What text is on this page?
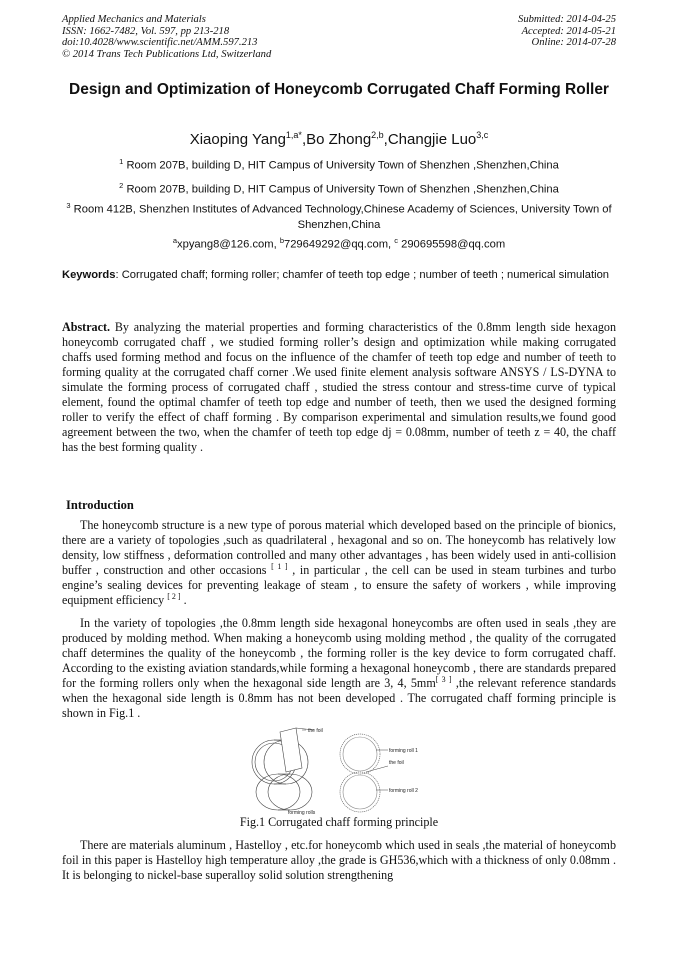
Applied Mechanics and Materials
ISSN: 1662-7482, Vol. 597, pp 213-218
doi:10.4028/www.scientific.net/AMM.597.213
© 2014 Trans Tech Publications Ltd, Switzerland
Submitted: 2014-04-25
Accepted: 2014-05-21
Online: 2014-07-28
Design and Optimization of Honeycomb Corrugated Chaff Forming Roller
Xiaoping Yang$^{1,a*}$,Bo Zhong$^{2,b}$,Changjie Luo$^{3,c}$
$^1$ Room 207B, building D, HIT Campus of University Town of Shenzhen ,Shenzhen,China
$^2$ Room 207B, building D, HIT Campus of University Town of Shenzhen ,Shenzhen,China
$^3$ Room 412B, Shenzhen Institutes of Advanced Technology,Chinese Academy of Sciences, University Town of Shenzhen,China
$^a$xpyang8@126.com, $^b$729649292@qq.com, $^c$ 290695598@qq.com
Keywords: Corrugated chaff; forming roller; chamfer of teeth top edge ; number of teeth ; numerical simulation
Abstract. By analyzing the material properties and forming characteristics of the 0.8mm length side hexagon honeycomb corrugated chaff , we studied forming roller’s design and optimization while making corrugated chaffs used forming method and focus on the influence of the chamfer of teeth top edge and number of teeth to forming quality at the corrugated chaff corner .We used finite element analysis software ANSYS / LS-DYNA to simulate the forming process of corrugated chaff , studied the stress contour and stress-time curve of typical element, found the optimal chamfer of teeth top edge and number of teeth, then we used the designed forming roller to verify the effect of chaff forming . By comparison experimental and simulation results,we found good agreement between the two, when the chamfer of teeth top edge dj = 0.08mm, number of teeth z = 40, the chaff has the best forming quality .
Introduction
The honeycomb structure is a new type of porous material which developed based on the principle of bionics, there are a variety of topologies ,such as quadrilateral , hexagonal and so on. The honeycomb has relatively low density, low stiffness , deformation controlled and many other advantages , has been widely used in anti-collision buffer , construction and other occasions [ 1 ] , in particular , the cell can be used in steam turbines and turbo engine’s sealing devices for preventing leakage of steam , to ensure the safety of workers , while improving equipment efficiency [ 2 ] .
In the variety of topologies ,the 0.8mm length side hexagonal honeycombs are often used in seals ,they are produced by molding method. When making a honeycomb using molding method , the quality of the corrugated chaff determines the quality of the honeycomb , the forming roller is the key device to form corrugated chaff. According to the existing aviation standards,while forming a hexagonal honeycomb , there are standards prepared for the forming rollers only when the hexagonal side length are 3, 4, 5mm[ 3 ] ,the relevant reference standards when the hexagonal side length is 0.8mm has not been developed . The corrugated chaff forming principle is shown in Fig.1 .
the foil
forming roll 1
the foil
forming roll 2
forming rolls
Fig.1 Corrugated chaff forming principle
There are materials aluminum , Hastelloy , etc.for honeycomb which used in seals ,the material of honeycomb foil in this paper is Hastelloy high temperature alloy ,the grade is GH536,which with a thickness of only 0.08mm . It is belonging to nickel-base superalloy solid solution strengthening
